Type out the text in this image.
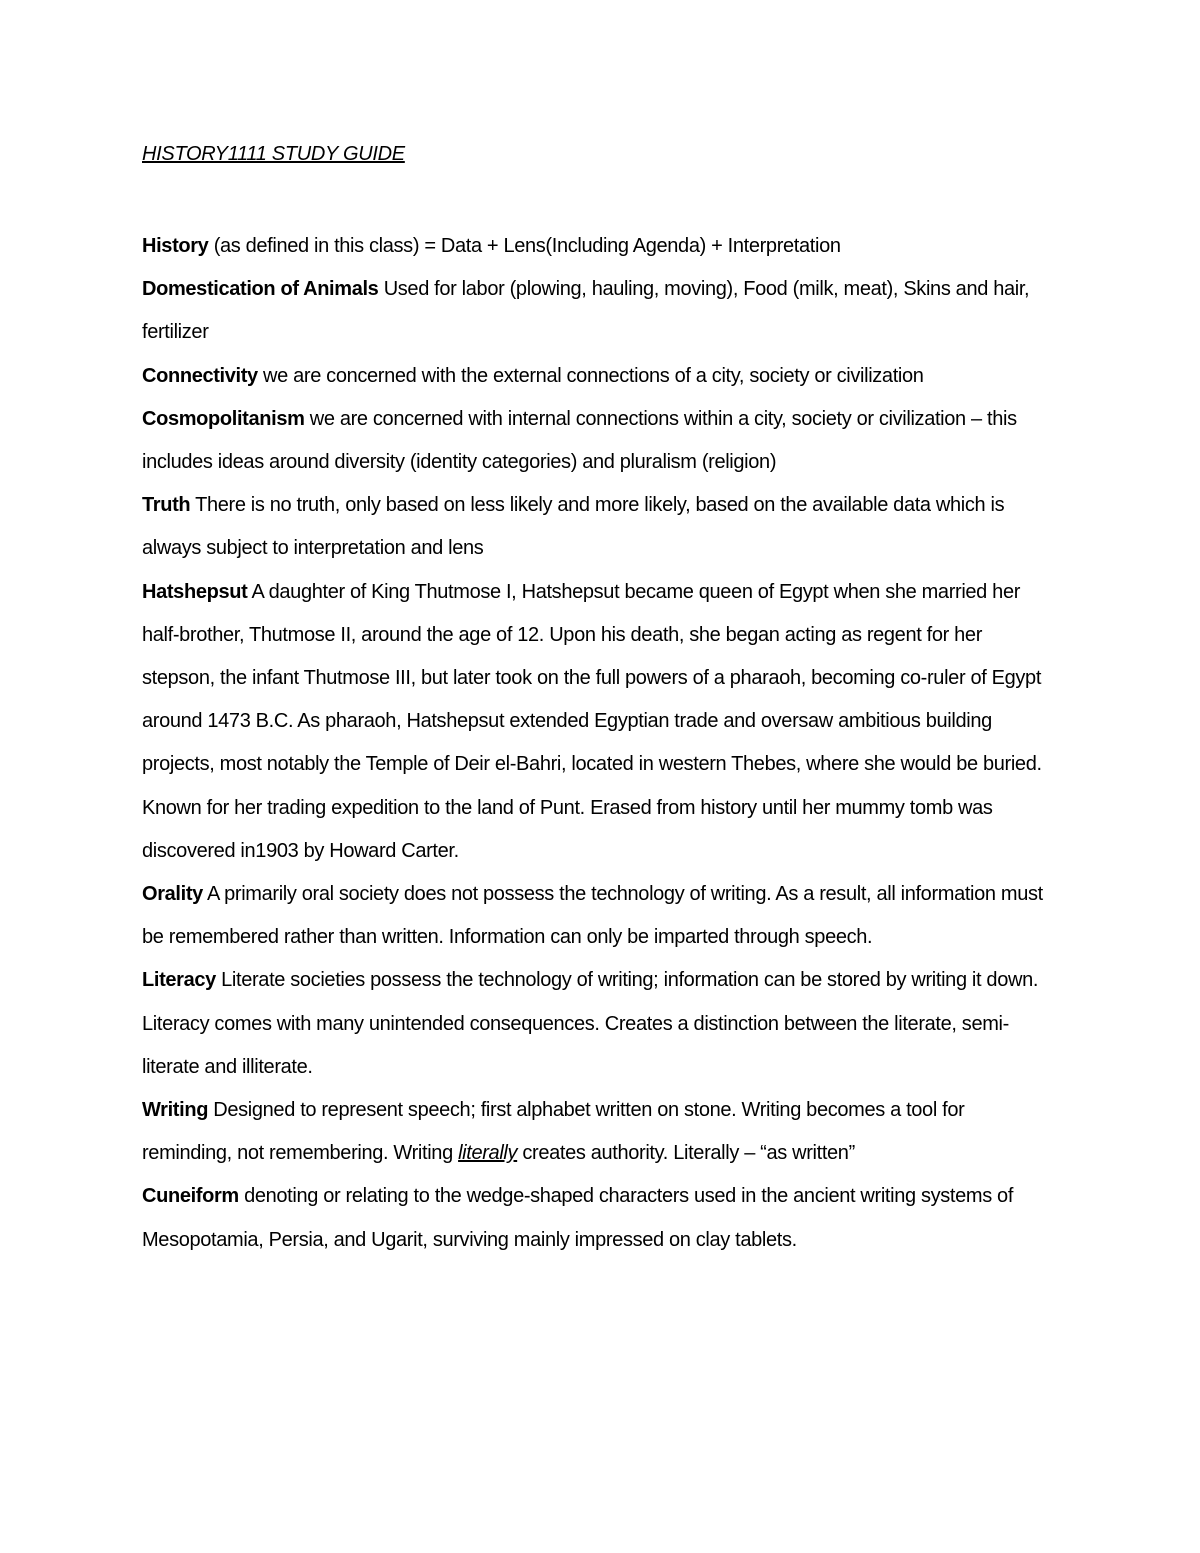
HISTORY1111 STUDY GUIDE

History (as defined in this class) = Data + Lens(Including Agenda) + Interpretation

Domestication of Animals Used for labor (plowing, hauling, moving), Food (milk, meat), Skins and hair, fertilizer

Connectivity we are concerned with the external connections of a city, society or civilization

Cosmopolitanism we are concerned with internal connections within a city, society or civilization – this includes ideas around diversity (identity categories) and pluralism (religion)

Truth There is no truth, only based on less likely and more likely, based on the available data which is always subject to interpretation and lens

Hatshepsut A daughter of King Thutmose I, Hatshepsut became queen of Egypt when she married her half-brother, Thutmose II, around the age of 12. Upon his death, she began acting as regent for her stepson, the infant Thutmose III, but later took on the full powers of a pharaoh, becoming co-ruler of Egypt around 1473 B.C. As pharaoh, Hatshepsut extended Egyptian trade and oversaw ambitious building projects, most notably the Temple of Deir el-Bahri, located in western Thebes, where she would be buried. Known for her trading expedition to the land of Punt. Erased from history until her mummy tomb was discovered in1903 by Howard Carter.

Orality A primarily oral society does not possess the technology of writing. As a result, all information must be remembered rather than written. Information can only be imparted through speech.

Literacy Literate societies possess the technology of writing; information can be stored by writing it down. Literacy comes with many unintended consequences. Creates a distinction between the literate, semi-literate and illiterate.

Writing Designed to represent speech; first alphabet written on stone. Writing becomes a tool for reminding, not remembering. Writing literally creates authority. Literally – “as written”

Cuneiform denoting or relating to the wedge-shaped characters used in the ancient writing systems of Mesopotamia, Persia, and Ugarit, surviving mainly impressed on clay tablets.
